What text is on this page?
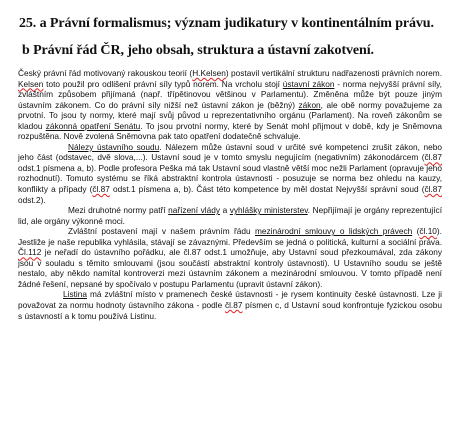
25. a Právní formalismus; význam judikatury v kontinentálním právu.
b Právní řád ČR, jeho obsah, struktura a ústavní zakotvení.

Český právní řád motivovaný rakouskou teorií (H.Kelsen) postavil vertikální strukturu nadřazenosti právních norem. Kelsen toto použil pro odlišení právní síly typů norem. Na vrcholu stojí ústavní zákon - norma nejvyšší právní síly, zvláštním způsobem přijímaná (např. třípětinovou většinou v Parlamentu). Změněna může být pouze jiným ústavním zákonem. Co do právní síly nižší než ústavní zákon je (běžný) zákon, ale obě normy považujeme za prvotní. To jsou ty normy, které mají svůj původ u reprezentativního orgánu (Parlament). Na roveň zákonům se kladou zákonná opatření Senátu. To jsou prvotní normy, které by Senát mohl přijmout v době, kdy je Sněmovna rozpuštěna. Nově zvolená Sněmovna pak tato opatření dodatečně schvaluje.

Nálezy ústavního soudu. Nálezem může ústavní soud v určité své kompetenci zrušit zákon, nebo jeho část (odstavec, dvě slova,...). Ustavní soud je v tomto smyslu negujícím (negativním) zákonodárcem (čl.87 odst.1 písmena a, b). Podle profesora Peška má tak Ustavní soud vlastně větší moc nežli Parlament (opravuje jeho rozhodnutí). Tomuto systému se říká abstraktní kontrola ústavnosti - posuzuje se norma bez ohledu na kauzy, konflikty a případy (čl.87 odst.1 písmena a, b). Část této kompetence by měl dostat Nejvyšší správní soud (čl.87 odst.2).

Mezi druhotné normy patří nařízení vlády a vyhlášky ministerstev. Nepřijímají je orgány reprezentující lid, ale orgány výkonné moci.

Zvláštní postavení mají v našem právním řádu mezinárodní smlouvy o lidských právech (čl.10). Jestliže je naše republika vyhlásila, stávají se závaznými. Především se jedná o politická, kulturní a sociální práva. Čl.112 je neřadí do ústavního pořádku, ale čl.87 odst.1 umožňuje, aby Ustavní soud přezkoumával, zda zákony jsou v souladu s těmito smlouvami (jsou součástí abstraktní kontroly ústavnosti). U Ustavního soudu se ještě nestalo, aby někdo namítal kontroverzi mezi ústavním zákonem a mezinárodní smlouvou. V tomto případě není žádné řešení, nepsané by spočívalo v postupu Parlamentu (upravit ústavní zákon).

Listina má zvláštní místo v pramenech české ústavnosti - je rysem kontinuity české ústavnosti. Lze ji považovat za normu hodnoty ústavního zákona - podle čl.87 písmen c, d Ustavní soud konfrontuje fyzickou osobu s ústavností a k tomu používá Listinu.
